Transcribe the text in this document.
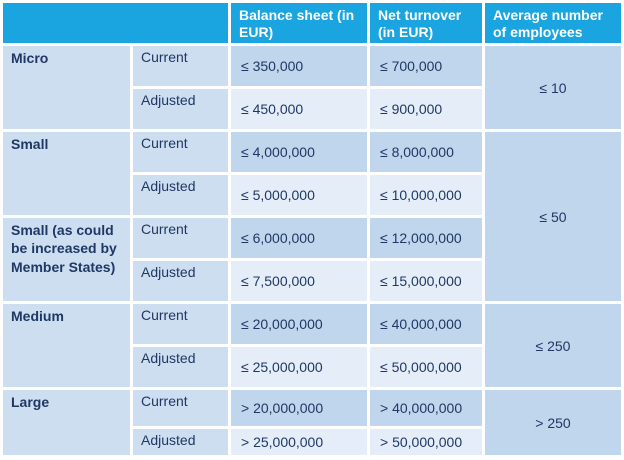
		Balance sheet (in EUR)	Net turnover (in EUR)	Average number of employees
Micro	Current	≤ 350,000	≤ 700,000	≤ 10
	Adjusted	≤ 450,000	≤ 900,000	
Small	Current	≤ 4,000,000	≤ 8,000,000	≤ 50
	Adjusted	≤ 5,000,000	≤ 10,000,000	
Small (as could be increased by Member States)	Current	≤ 6,000,000	≤ 12,000,000	
	Adjusted	≤ 7,500,000	≤ 15,000,000	
Medium	Current	≤ 20,000,000	≤ 40,000,000	≤ 250
	Adjusted	≤ 25,000,000	≤ 50,000,000	
Large	Current	> 20,000,000	> 40,000,000	> 250
	Adjusted	> 25,000,000	> 50,000,000	
